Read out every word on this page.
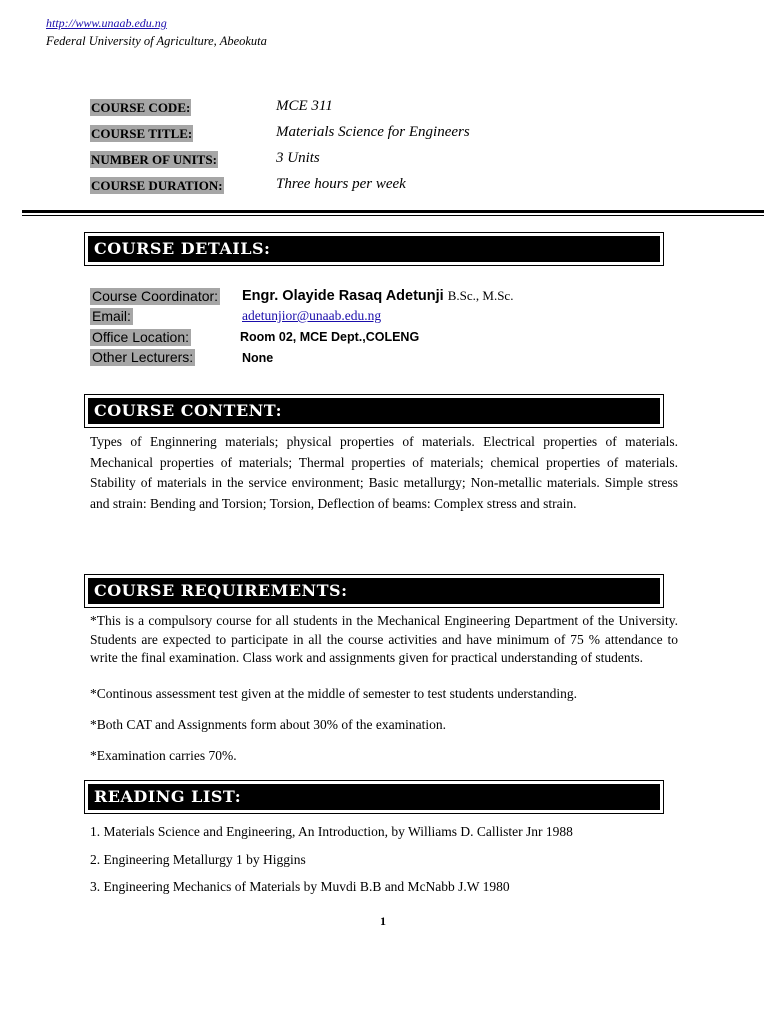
http://www.unaab.edu.ng
Federal University of Agriculture, Abeokuta
COURSE CODE:	MCE 311
COURSE TITLE:	Materials Science for Engineers
NUMBER OF UNITS:	3 Units
COURSE DURATION:	Three hours per week
COURSE DETAILS:
Course Coordinator: Engr. Olayide Rasaq Adetunji B.Sc., M.Sc.
Email:	adetunjior@unaab.edu.ng
Office Location:	Room 02, MCE Dept.,COLENG
Other Lecturers:	None
COURSE CONTENT:
Types of Enginnering materials; physical properties of materials. Electrical properties of materials. Mechanical properties of materials; Thermal properties of materials; chemical properties of materials. Stability of materials in the service environment; Basic metallurgy; Non-metallic materials. Simple stress and strain: Bending and Torsion; Torsion, Deflection of beams: Complex stress and strain.
COURSE REQUIREMENTS:
*This is a compulsory course for all students in the Mechanical Engineering Department of the University. Students are expected to participate in all the course activities and have minimum of 75 % attendance to write the final examination. Class work and assignments given for practical understanding of students.
*Continous assessment test given at the middle of semester to test students understanding.
*Both CAT and Assignments form about 30% of the examination.
*Examination carries 70%.
READING LIST:
1. Materials Science and Engineering, An Introduction, by Williams D. Callister Jnr 1988
2. Engineering Metallurgy 1 by Higgins
3. Engineering Mechanics of Materials by Muvdi B.B and McNabb J.W 1980
1
